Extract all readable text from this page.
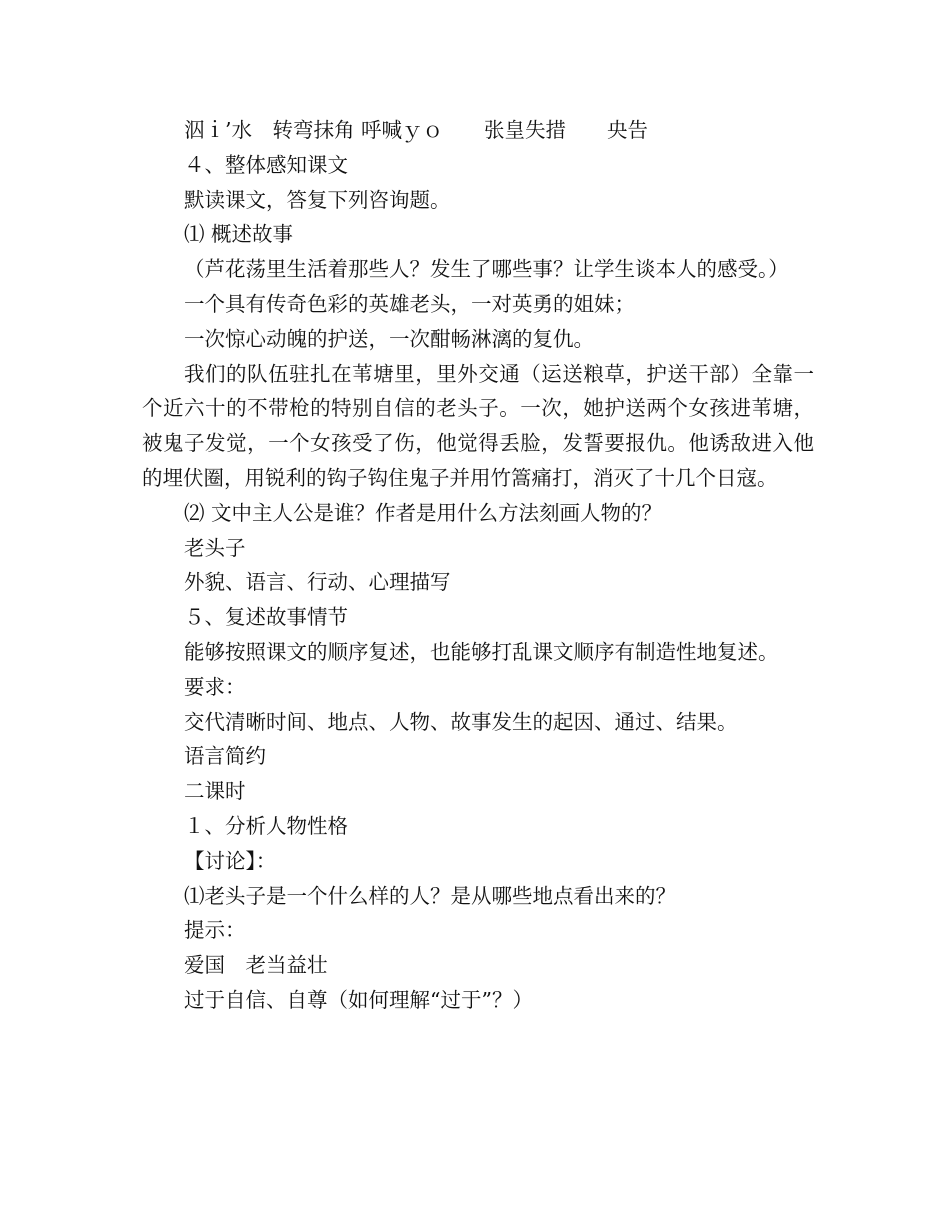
泅ｉ’水　转弯抹角 呼喊ｙｏ　　张皇失措　　央告

４、整体感知课文

默读课文，答复下列咨询题。

⑴ 概述故事

（芦花荡里生活着那些人？发生了哪些事？让学生谈本人的感受。）

一个具有传奇色彩的英雄老头，一对英勇的姐妹；

一次惊心动魄的护送，一次酣畅淋漓的复仇。

我们的队伍驻扎在苇塘里，里外交通（运送粮草，护送干部）全靠一个近六十的不带枪的特别自信的老头子。一次，她护送两个女孩进苇塘，被鬼子发觉，一个女孩受了伤，他觉得丢脸，发誓要报仇。他诱敌进入他的埋伏圈，用锐利的钩子钩住鬼子并用竹篙痛打，消灭了十几个日寇。

⑵ 文中主人公是谁？作者是用什么方法刻画人物的？

老头子

外貌、语言、行动、心理描写

５、复述故事情节

能够按照课文的顺序复述，也能够打乱课文顺序有制造性地复述。

要求：

交代清晰时间、地点、人物、故事发生的起因、通过、结果。

语言简约

二课时

１、分析人物性格

【讨论】：

⑴老头子是一个什么样的人？是从哪些地点看出来的？

提示：

爱国　老当益壮

过于自信、自尊（如何理解“过于”？）
